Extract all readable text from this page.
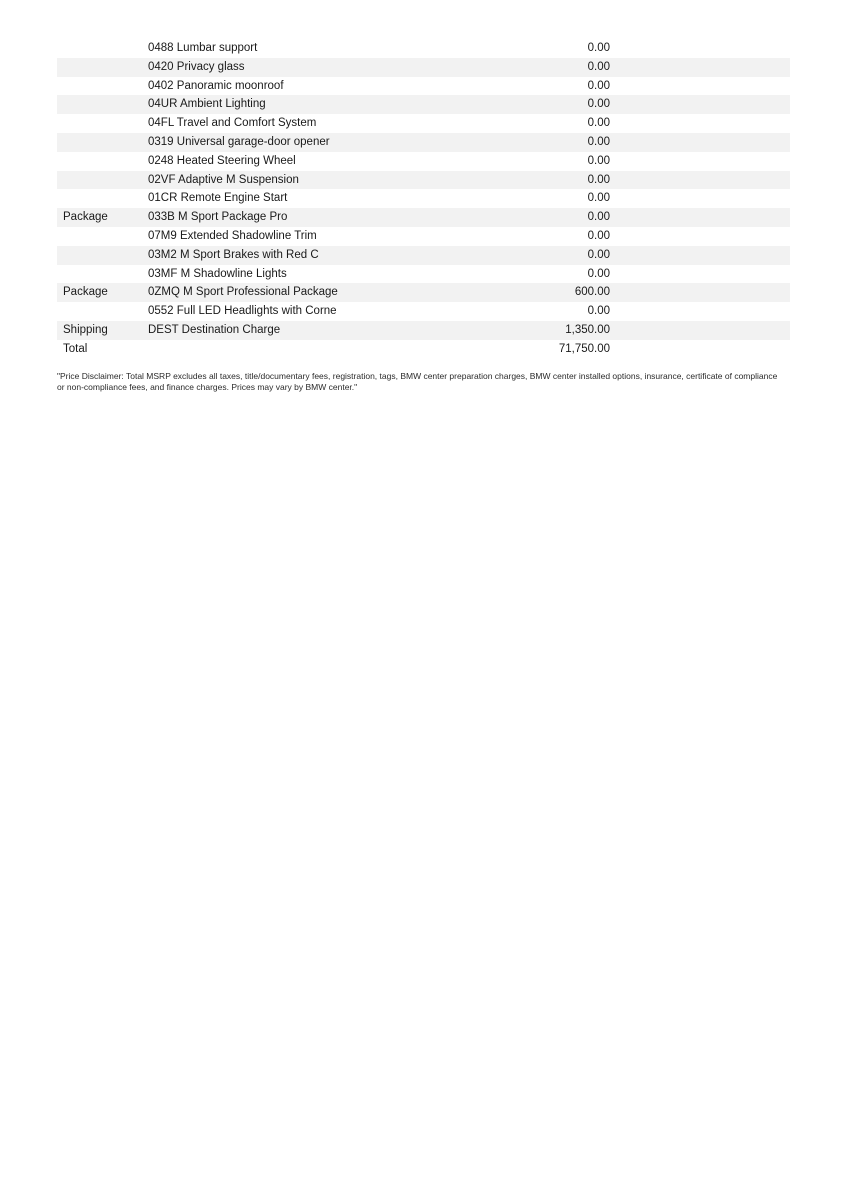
0488 Lumbar support	0.00
0420 Privacy glass	0.00
0402 Panoramic moonroof	0.00
04UR Ambient Lighting	0.00
04FL Travel and Comfort System	0.00
0319 Universal garage-door opener	0.00
0248 Heated Steering Wheel	0.00
02VF Adaptive M Suspension	0.00
01CR Remote Engine Start	0.00
Package	033B M Sport Package Pro	0.00
07M9 Extended Shadowline Trim	0.00
03M2 M Sport Brakes with Red C	0.00
03MF M Shadowline Lights	0.00
Package	0ZMQ M Sport Professional Package	600.00
0552 Full LED Headlights with Corne	0.00
Shipping	DEST Destination Charge	1,350.00
Total	71,750.00

"Price Disclaimer: Total MSRP excludes all taxes, title/documentary fees, registration, tags, BMW center preparation charges, BMW center installed options, insurance, certificate of compliance or non-compliance fees, and finance charges. Prices may vary by BMW center."
